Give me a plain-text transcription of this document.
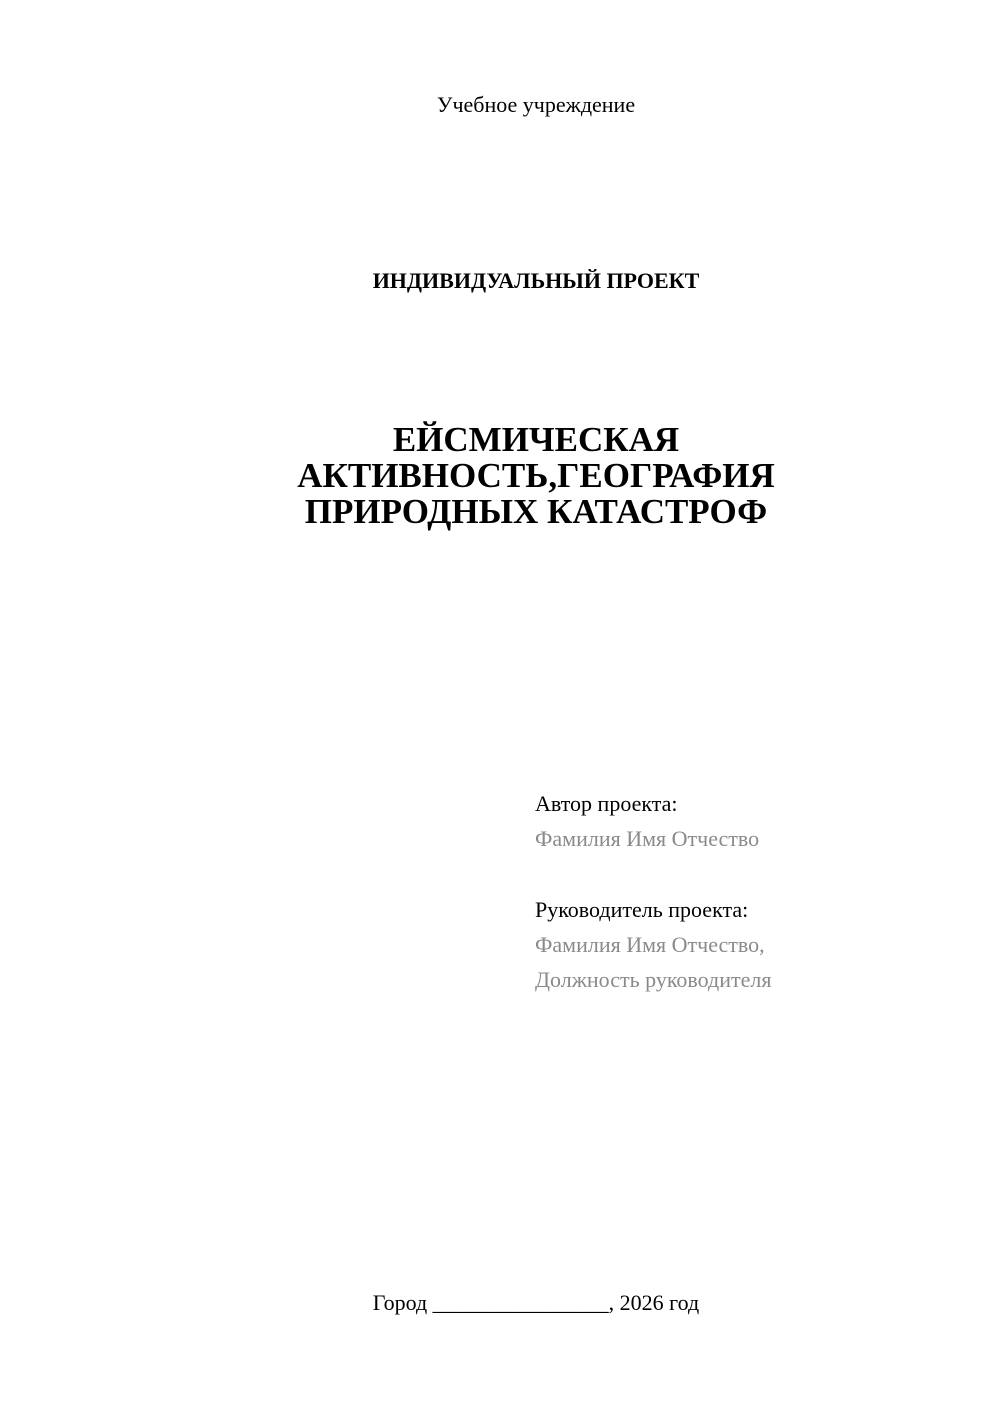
Учебное учреждение
ИНДИВИДУАЛЬНЫЙ ПРОЕКТ
ЕЙСМИЧЕСКАЯ
АКТИВНОСТЬ,ГЕОГРАФИЯ
ПРИРОДНЫХ КАТАСТРОФ
Автор проекта:
Фамилия Имя Отчество
Руководитель проекта:
Фамилия Имя Отчество,
Должность руководителя
Город ________________, 2026 год
